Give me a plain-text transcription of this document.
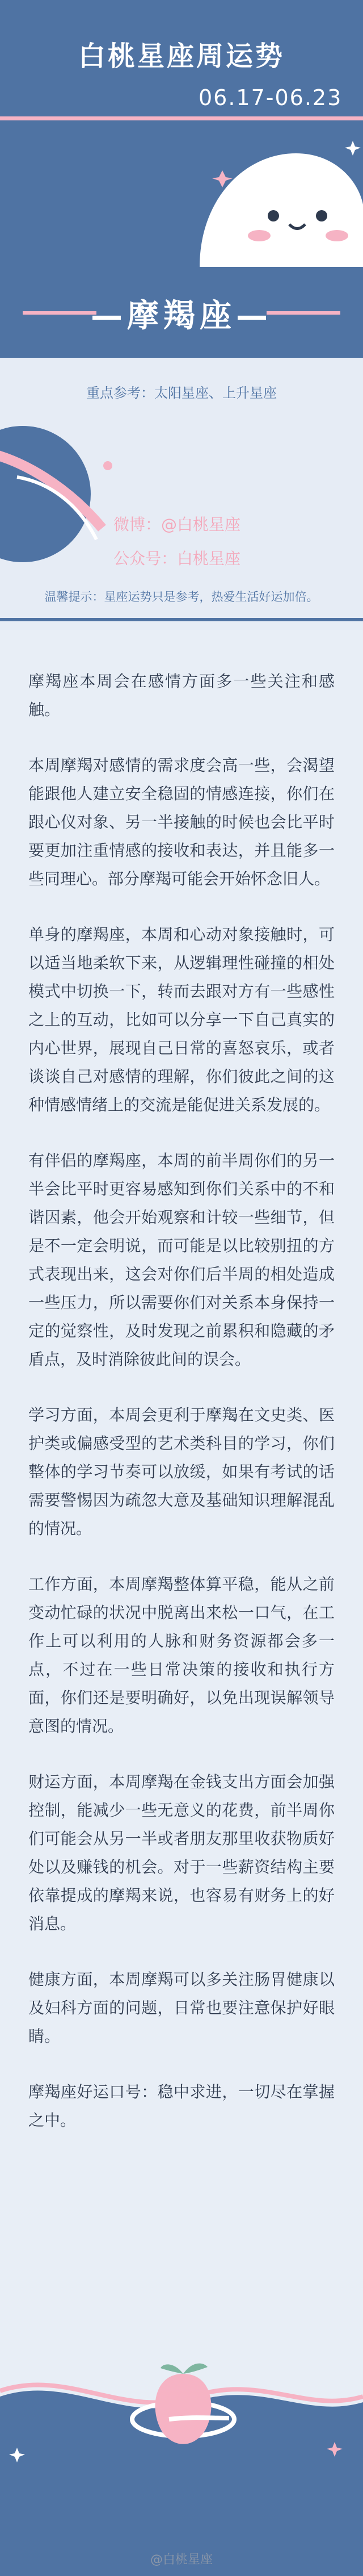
白桃星座周运势
06.17-06.23
—摩羯座—
重点参考：太阳星座、上升星座
微博：@白桃星座
公众号：白桃星座
温馨提示：星座运势只是参考，热爱生活好运加倍。

摩羯座本周会在感情方面多一些关注和感触。

本周摩羯对感情的需求度会高一些，会渴望能跟他人建立安全稳固的情感连接，你们在跟心仪对象、另一半接触的时候也会比平时要更加注重情感的接收和表达，并且能多一些同理心。部分摩羯可能会开始怀念旧人。

单身的摩羯座，本周和心动对象接触时，可以适当地柔软下来，从逻辑理性碰撞的相处模式中切换一下，转而去跟对方有一些感性之上的互动，比如可以分享一下自己真实的内心世界，展现自己日常的喜怒哀乐，或者谈谈自己对感情的理解，你们彼此之间的这种情感情绪上的交流是能促进关系发展的。

有伴侣的摩羯座，本周的前半周你们的另一半会比平时更容易感知到你们关系中的不和谐因素，他会开始观察和计较一些细节，但是不一定会明说，而可能是以比较别扭的方式表现出来，这会对你们后半周的相处造成一些压力，所以需要你们对关系本身保持一定的觉察性，及时发现之前累积和隐藏的矛盾点，及时消除彼此间的误会。

学习方面，本周会更利于摩羯在文史类、医护类或偏感受型的艺术类科目的学习，你们整体的学习节奏可以放缓，如果有考试的话需要警惕因为疏忽大意及基础知识理解混乱的情况。

工作方面，本周摩羯整体算平稳，能从之前变动忙碌的状况中脱离出来松一口气，在工作上可以利用的人脉和财务资源都会多一点，不过在一些日常决策的接收和执行方面，你们还是要明确好，以免出现误解领导意图的情况。

财运方面，本周摩羯在金钱支出方面会加强控制，能减少一些无意义的花费，前半周你们可能会从另一半或者朋友那里收获物质好处以及赚钱的机会。对于一些薪资结构主要依靠提成的摩羯来说，也容易有财务上的好消息。

健康方面，本周摩羯可以多关注肠胃健康以及妇科方面的问题，日常也要注意保护好眼睛。

摩羯座好运口号：稳中求进，一切尽在掌握之中。

@白桃星座
